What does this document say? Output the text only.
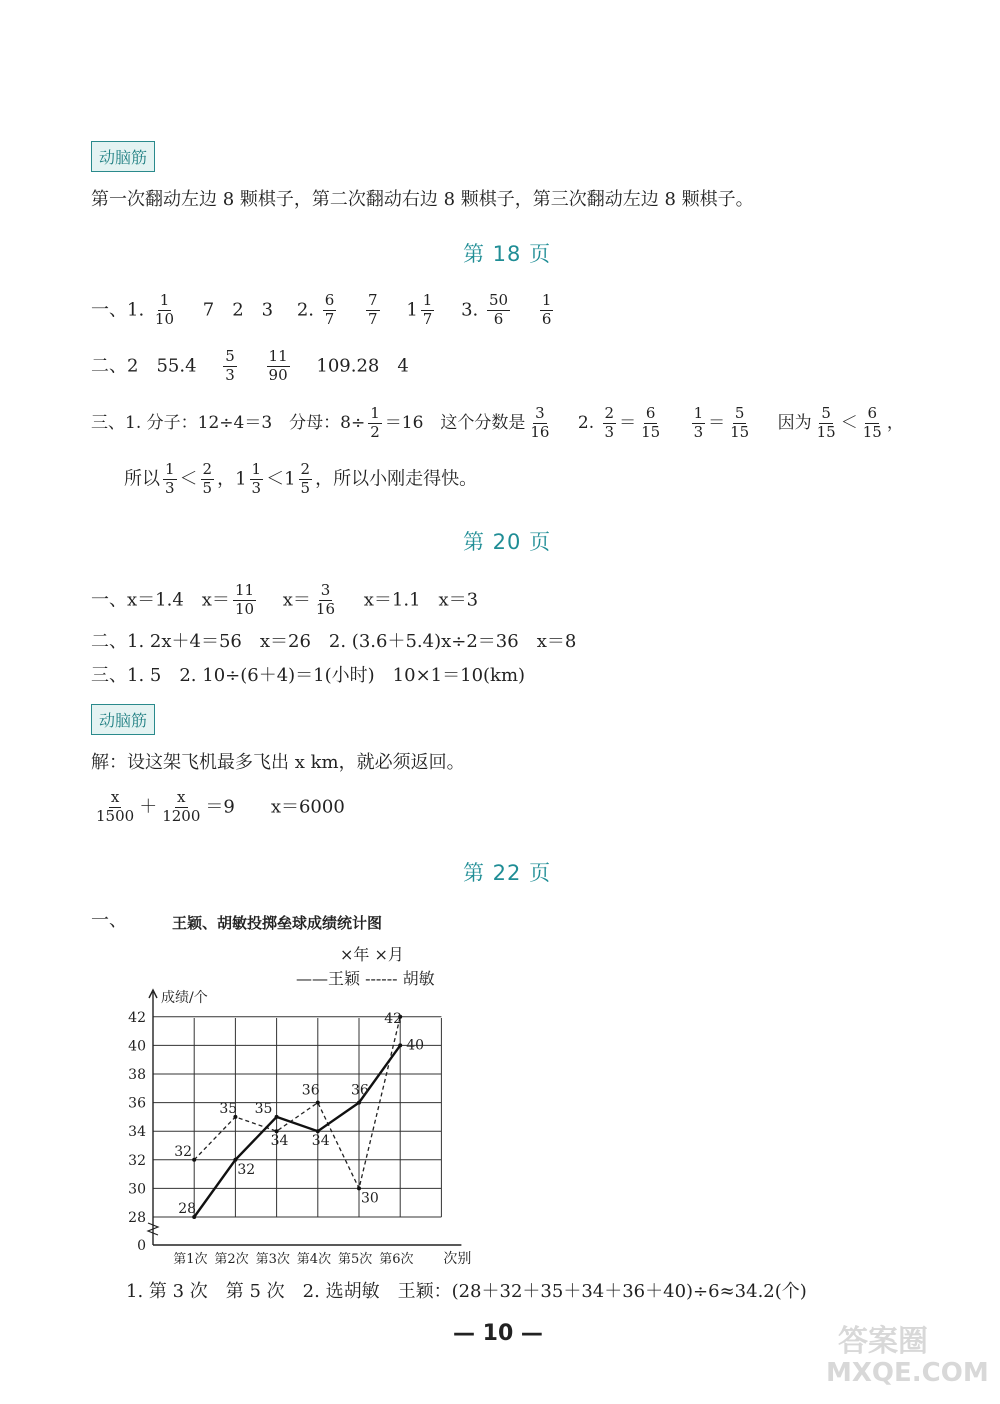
动脑筋
第一次翻动左边 8 颗棋子，第二次翻动右边 8 颗棋子，第三次翻动左边 8 颗棋子。
第 18 页
一、1. $\frac{1}{10} 7$　2　3 2. $\frac{6}{7}$
$\frac{7}{7} 1 \frac{1}{7} 3$. $\frac{50}{6}$
$\frac{1}{6}$
二、2　$55.4 \frac{5}{3}$
$\frac{11}{90} 109.28$　4
三、1. 分子：12÷4＝3　分母：$8\div \frac{1}{2} =16$　这个分数是 $\frac{3}{16} 2$. $\frac{2}{3} = \frac{6}{15}$
$\frac{1}{3} = \frac{5}{15}$ 因为 $\frac{5}{15} < \frac{6}{15}$ ，
所以 $\frac{1}{3} < \frac{2}{5}$ ，$1 \frac{1}{3} <1 \frac{2}{5}$ ，所以小刚走得快。
第 20 页
一、x＝1.4　$x= \frac{11}{10} x= \frac{3}{16} x=1.1$　x＝3
二、1. 2x＋4＝56　x＝26　2. (3.6＋5.4)x÷2＝36　x＝8
三、1. 5　2. 10÷(6＋4)＝1(小时)　10×1＝10(km)
动脑筋
解：设这架飞机最多飞出 x km，就必须返回。
$\frac{x}{1500} + \frac{x}{1200} =9$ x＝6000
第 22 页
一、	王颖、胡敏投掷垒球成绩统计图
×年 ×月
——王颖 ------ 胡敏
0
28
30
32
34
36
38
40
42
成绩/个
第1次 第2次 第3次 第4次 第5次 第6次 次别
28
32
35
34
36
40
32
35
34
36
30
42
1. 第 3 次　第 5 次　2. 选胡敏　王颖：(28＋32＋35＋34＋36＋40)÷6≈34.2(个)
— 10 —	答案圈
MXQE.COM
